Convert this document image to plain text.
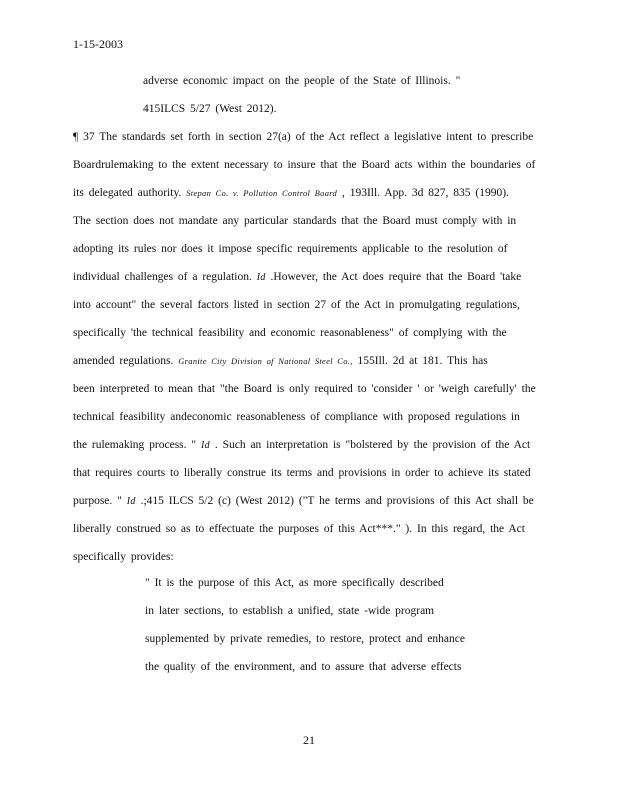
1-15-2003
adverse economic impact on the people of the State of Illinois. "
415ILCS 5/27 (West 2012).
¶ 37 The standards set forth in section 27(a) of the Act reflect a legislative intent to prescribe
Boardrulemaking to the extent necessary to insure that the Board acts within the boundaries of
its delegated authority. Stepan Co. v. Pollution Control Board , 193Ill. App. 3d 827, 835 (1990).
The section does not mandate any particular standards that the Board must comply with in
adopting its rules nor does it impose specific requirements applicable to the resolution of
individual challenges of a regulation. Id .However, the Act does require that the Board 'take
into account" the several factors listed in section 27 of the Act in promulgating regulations,
specifically 'the technical feasibility and economic reasonableness" of complying with the
amended regulations. Granite City Division of National Steel Co., 155Ill. 2d at 181. This has
been interpreted to mean that "the Board is only required to 'consider ' or 'weigh carefully' the
technical feasibility andeconomic reasonableness of compliance with proposed regulations in
the rulemaking process. " Id . Such an interpretation is "bolstered by the provision of the Act
that requires courts to liberally construe its terms and provisions in order to achieve its stated
purpose. " Id .;415 ILCS 5/2 (c) (West 2012) ("T he terms and provisions of this Act shall be
liberally construed so as to effectuate the purposes of this Act***." ). In this regard, the Act
specifically provides:
" It is the purpose of this Act, as more specifically described
in later sections, to establish a unified, state -wide program
supplemented by private remedies, to restore, protect and enhance
the quality of the environment, and to assure that adverse effects
21
